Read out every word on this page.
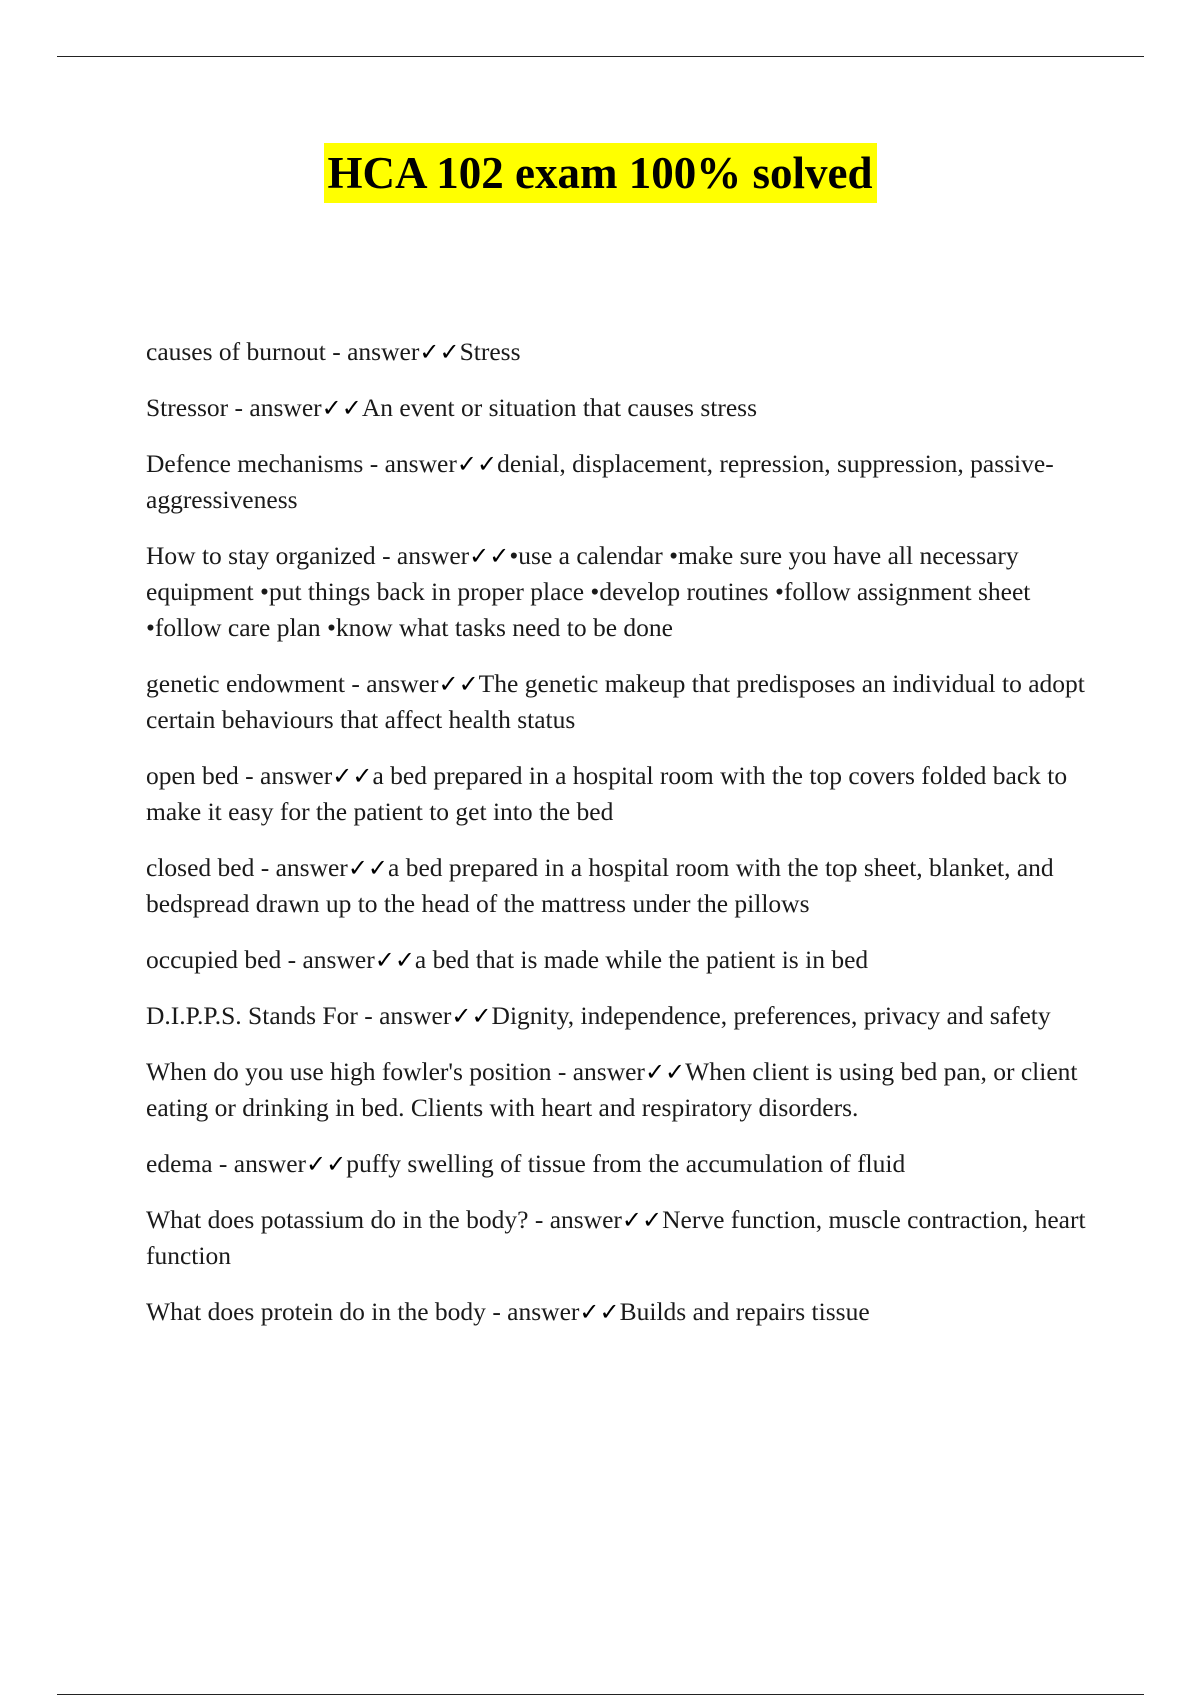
HCA 102 exam 100% solved

causes of burnout - answer✓✓Stress

Stressor - answer✓✓An event or situation that causes stress

Defence mechanisms - answer✓✓denial, displacement, repression, suppression, passive-aggressiveness

How to stay organized - answer✓✓•use a calendar •make sure you have all necessary equipment •put things back in proper place •develop routines •follow assignment sheet •follow care plan •know what tasks need to be done

genetic endowment - answer✓✓The genetic makeup that predisposes an individual to adopt certain behaviours that affect health status

open bed - answer✓✓a bed prepared in a hospital room with the top covers folded back to make it easy for the patient to get into the bed

closed bed - answer✓✓a bed prepared in a hospital room with the top sheet, blanket, and bedspread drawn up to the head of the mattress under the pillows

occupied bed - answer✓✓a bed that is made while the patient is in bed

D.I.P.P.S. Stands For - answer✓✓Dignity, independence, preferences, privacy and safety

When do you use high fowler's position - answer✓✓When client is using bed pan, or client eating or drinking in bed. Clients with heart and respiratory disorders.

edema - answer✓✓puffy swelling of tissue from the accumulation of fluid

What does potassium do in the body? - answer✓✓Nerve function, muscle contraction, heart function

What does protein do in the body - answer✓✓Builds and repairs tissue
